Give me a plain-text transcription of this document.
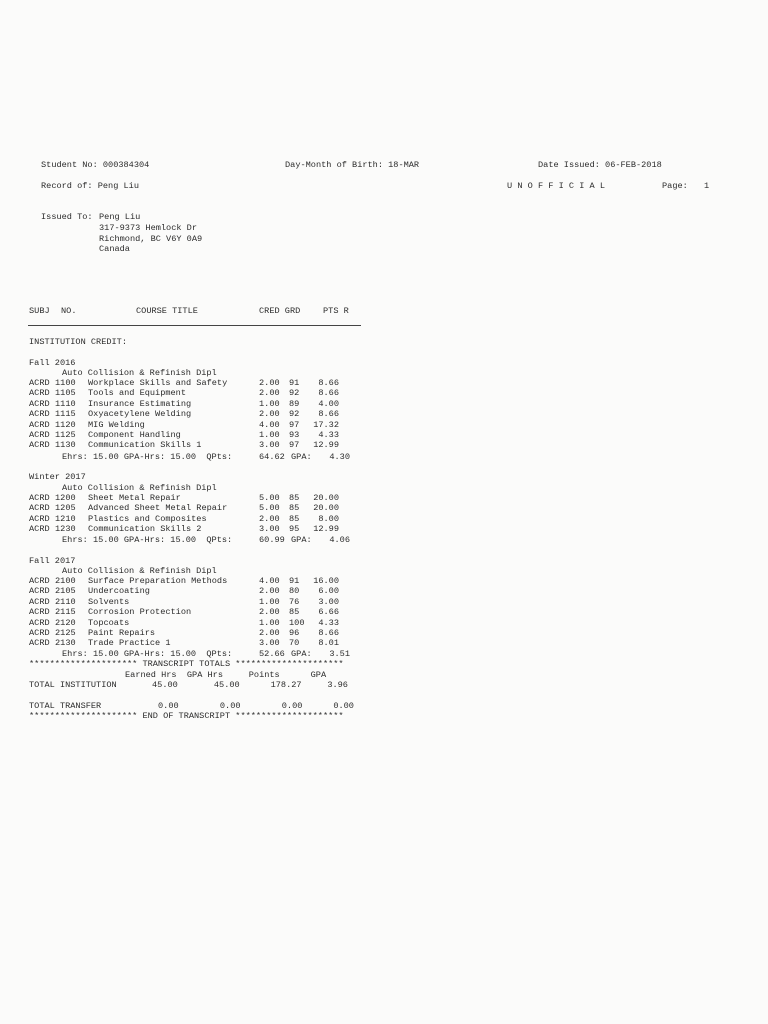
Student No: 000384304	Day-Month of Birth: 18-MAR	Date Issued: 06-FEB-2018
Record of: Peng Liu	U N O F F I C I A L	Page: 1
Issued To: Peng Liu
317-9373 Hemlock Dr
Richmond, BC V6Y 0A9
Canada
SUBJ NO.	COURSE TITLE	CRED GRD	PTS R
INSTITUTION CREDIT:
Fall 2016
Auto Collision & Refinish Dipl
Ehrs: 15.00 GPA-Hrs: 15.00  QPts:	64.62 GPA:	4.30
Winter 2017
Auto Collision & Refinish Dipl
Ehrs: 15.00 GPA-Hrs: 15.00  QPts:	60.99 GPA:	4.06
Fall 2017
Auto Collision & Refinish Dipl
Ehrs: 15.00 GPA-Hrs: 15.00  QPts:	52.66 GPA:	3.51
********************* TRANSCRIPT TOTALS *********************
Earned Hrs  GPA Hrs     Points      GPA
TOTAL INSTITUTION	45.00       45.00      178.27     3.96
TOTAL TRANSFER	0.00        0.00        0.00      0.00
********************* END OF TRANSCRIPT *********************
ACRD 1100 Workplace Skills and Safety	2.00 91	8.66
ACRD 1105 Tools and Equipment	2.00 92	8.66
ACRD 1110 Insurance Estimating	1.00 89	4.00
ACRD 1115 Oxyacetylene Welding	2.00 92	8.66
ACRD 1120 MIG Welding	4.00 97	17.32
ACRD 1125 Component Handling	1.00 93	4.33
ACRD 1130 Communication Skills 1	3.00 97	12.99
ACRD 1200 Sheet Metal Repair	5.00 85	20.00
ACRD 1205 Advanced Sheet Metal Repair	5.00 85	20.00
ACRD 1210 Plastics and Composites	2.00 85	8.00
ACRD 1230 Communication Skills 2	3.00 95	12.99
ACRD 2100 Surface Preparation Methods	4.00 91	16.00
ACRD 2105 Undercoating	2.00 80	6.00
ACRD 2110 Solvents	1.00 76	3.00
ACRD 2115 Corrosion Protection	2.00 85	6.66
ACRD 2120 Topcoats	1.00 100	4.33
ACRD 2125 Paint Repairs	2.00 96	8.66
ACRD 2130 Trade Practice 1	3.00 70	8.01
